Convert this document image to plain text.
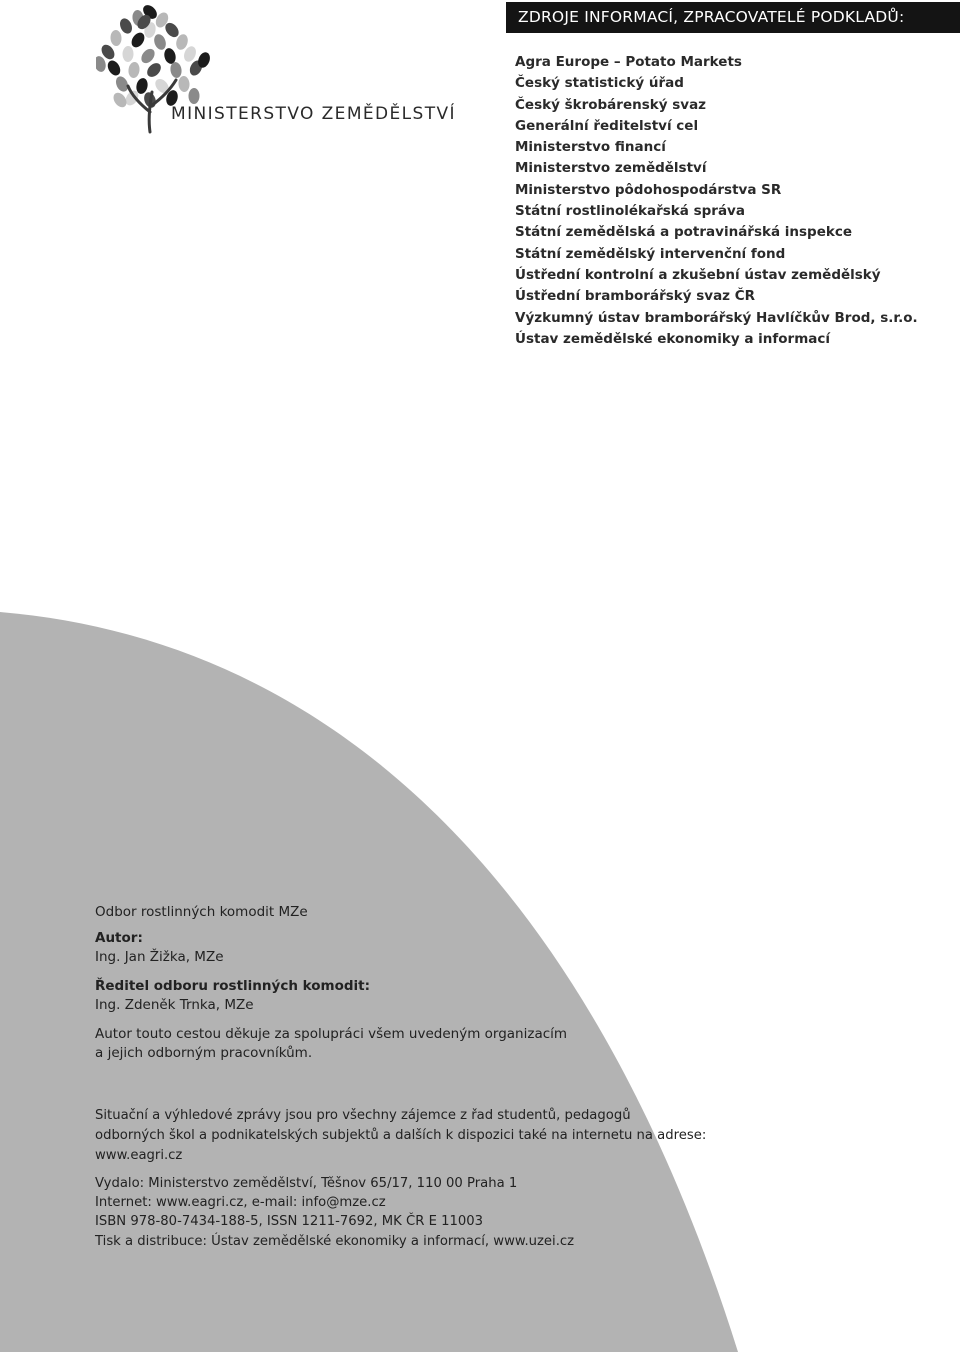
MINISTERSTVO ZEMĚDĚLSTVÍ
ZDROJE INFORMACÍ, ZPRACOVATELÉ PODKLADŮ:
Agra Europe – Potato Markets
Český statistický úřad
Český škrobárenský svaz
Generální ředitelství cel
Ministerstvo financí
Ministerstvo zemědělství
Ministerstvo pôdohospodárstva SR
Státní rostlinolékařská správa
Státní zemědělská a potravinářská inspekce
Státní zemědělský intervenční fond
Ústřední kontrolní a zkušební ústav zemědělský
Ústřední bramborářský svaz ČR
Výzkumný ústav bramborářský Havlíčkův Brod, s.r.o.
Ústav zemědělské ekonomiky a informací
Odbor rostlinných komodit MZe
Autor:
Ing. Jan Žižka, MZe
Ředitel odboru rostlinných komodit:
Ing. Zdeněk Trnka, MZe
Autor touto cestou děkuje za spolupráci všem uvedeným organizacím
a jejich odborným pracovníkům.
Situační a výhledové zprávy jsou pro všechny zájemce z řad studentů, pedagogů
odborných škol a podnikatelských subjektů a dalších k dispozici také na internetu na adrese:
www.eagri.cz
Vydalo: Ministerstvo zemědělství, Těšnov 65/17, 110 00 Praha 1
Internet: www.eagri.cz, e-mail: info@mze.cz
ISBN 978-80-7434-188-5, ISSN 1211-7692, MK ČR E 11003
Tisk a distribuce: Ústav zemědělské ekonomiky a informací, www.uzei.cz
